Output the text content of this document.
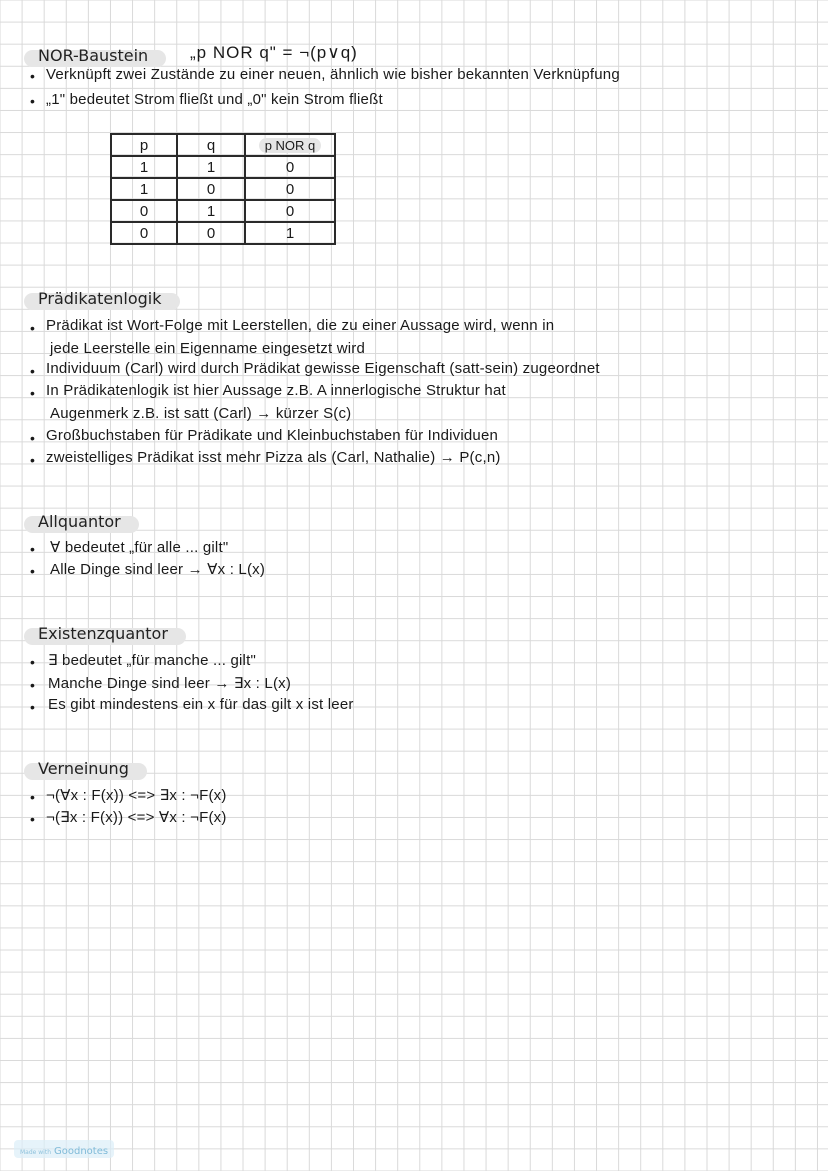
NOR-Baustein	„p NOR q" = ¬(p∨q)
• Verknüpft zwei Zustände zu einer neuen, ähnlich wie bisher bekannten Verknüpfung
• „1" bedeutet Strom fließt und „0" kein Strom fließt
p	q	p NOR q
1	1	0
1	0	0
0	1	0
0	0	1
Prädikatenlogik
• Prädikat ist Wort-Folge mit Leerstellen, die zu einer Aussage wird, wenn in
jede Leerstelle ein Eigenname eingesetzt wird
• Individuum (Carl) wird durch Prädikat gewisse Eigenschaft (satt-sein) zugeordnet
• In Prädikatenlogik ist hier Aussage z.B. A innerlogische Struktur hat
Augenmerk z.B. ist satt (Carl) → kürzer S(c)
• Großbuchstaben für Prädikate und Kleinbuchstaben für Individuen
• zweistelliges Prädikat isst mehr Pizza als (Carl, Nathalie) → P(c,n)
Allquantor
• ∀ bedeutet „für alle ... gilt"
• Alle Dinge sind leer → ∀x : L(x)
Existenzquantor
• ∃ bedeutet „für manche ... gilt"
• Manche Dinge sind leer → ∃x : L(x)
• Es gibt mindestens ein x für das gilt x ist leer
Verneinung
• ¬(∀x : F(x)) <=> ∃x : ¬F(x)
• ¬(∃x : F(x)) <=> ∀x : ¬F(x)
Made with Goodnotes
